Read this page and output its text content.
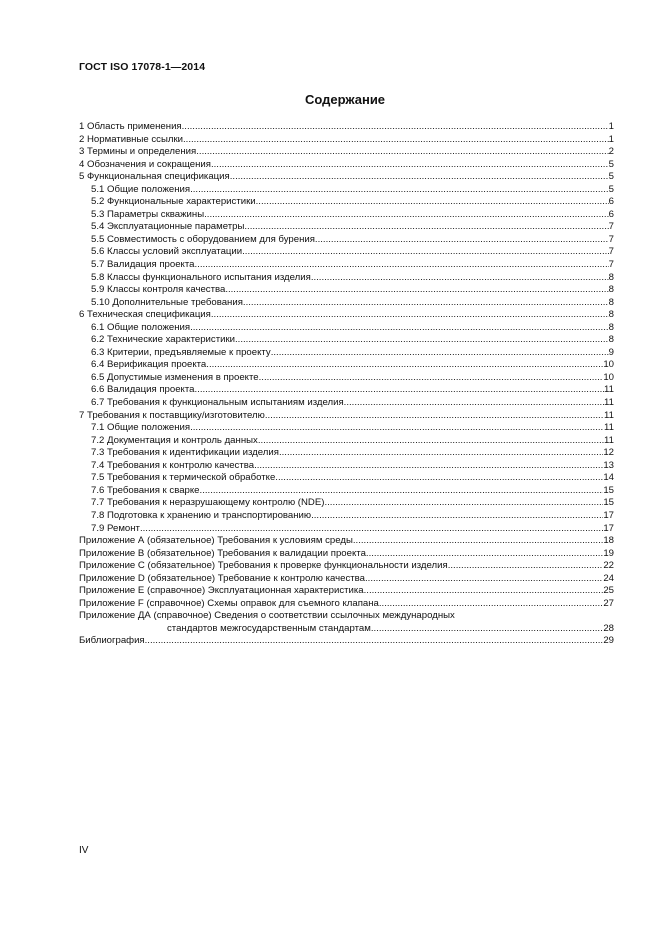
ГОСТ ISO 17078-1—2014
Содержание
1 Область применения .....	1
2 Нормативные ссылки .....	1
3 Термины и определения .....	2
4 Обозначения и сокращения .....	5
5 Функциональная спецификация .....	5
5.1 Общие положения .....	5
5.2 Функциональные характеристики .....	6
5.3 Параметры скважины .....	6
5.4 Эксплуатационные параметры .....	7
5.5 Совместимость с оборудованием для бурения .....	7
5.6 Классы условий эксплуатации .....	7
5.7 Валидация проекта .....	7
5.8 Классы функционального испытания изделия .....	8
5.9 Классы контроля качества .....	8
5.10 Дополнительные требования .....	8
6 Техническая спецификация .....	8
6.1 Общие положения .....	8
6.2 Технические характеристики .....	8
6.3 Критерии, предъявляемые к проекту .....	9
6.4 Верификация проекта .....	10
6.5 Допустимые изменения в проекте .....	10
6.6 Валидация проекта .....	11
6.7 Требования к функциональным испытаниям изделия .....	11
7 Требования к поставщику/изготовителю .....	11
7.1 Общие положения .....	11
7.2 Документация и контроль данных .....	11
7.3 Требования к идентификации изделия .....	12
7.4 Требования к контролю качества .....	13
7.5 Требования к термической обработке .....	14
7.6 Требования к сварке .....	15
7.7 Требования к неразрушающему контролю (NDE) .....	15
7.8 Подготовка к хранению и транспортированию .....	17
7.9 Ремонт .....	17
Приложение А (обязательное) Требования к условиям среды .....	18
Приложение В (обязательное) Требования к валидации проекта .....	19
Приложение С (обязательное) Требования к проверке функциональности изделия .....	22
Приложение D (обязательное) Требование к контролю качества .....	24
Приложение Е (справочное) Эксплуатационная характеристика .....	25
Приложение F (справочное) Схемы оправок для съемного клапана .....	27
Приложение ДА (справочное) Сведения о соответствии ссылочных международных
стандартов межгосударственным стандартам .....	28
Библиография .....	29
IV
